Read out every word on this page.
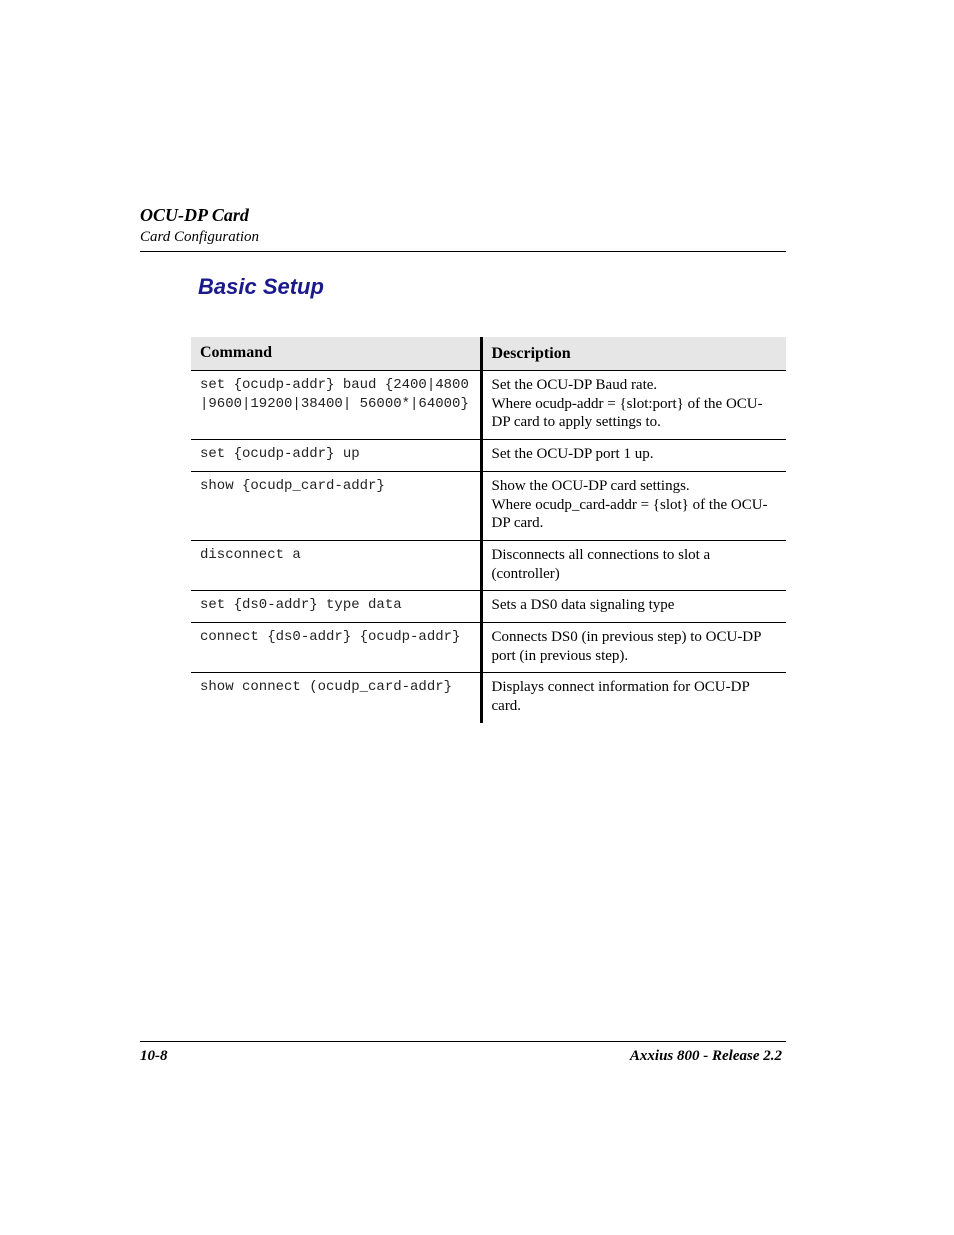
OCU-DP Card
Card Configuration
Basic Setup
Command	Description
set {ocudp-addr} baud {2400|4800|9600|19200|38400| 56000*|64000}	Set the OCU-DP Baud rate.
Where ocudp-addr = {slot:port} of the OCU-DP card to apply settings to.
set {ocudp-addr} up	Set the OCU-DP port 1 up.
show {ocudp_card-addr}	Show the OCU-DP card settings.
Where ocudp_card-addr = {slot} of the OCU-DP card.
disconnect a	Disconnects all connections to slot a (controller)
set {ds0-addr} type data	Sets a DS0 data signaling type
connect {ds0-addr} {ocudp-addr}	Connects DS0 (in previous step) to OCU-DP port (in previous step).
show connect (ocudp_card-addr}	Displays connect information for OCU-DP card.
10-8	Axxius 800 - Release 2.2
